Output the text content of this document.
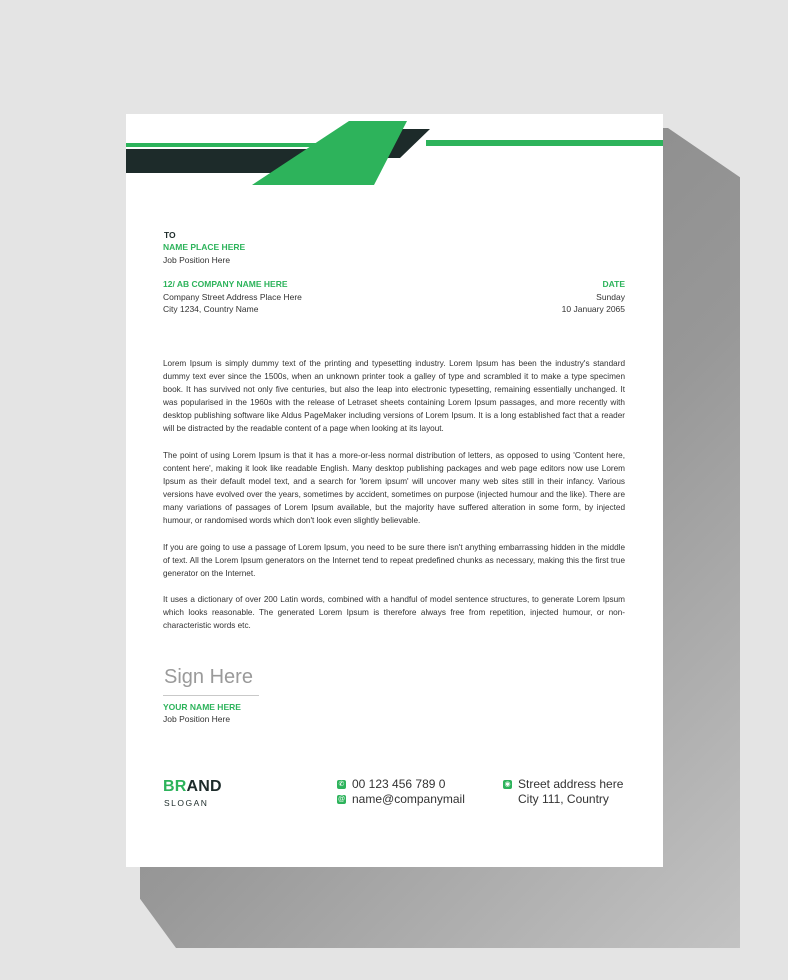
TO
NAME PLACE HERE
Job Position Here
12/ AB COMPANY NAME HERE
Company Street Address Place Here
City 1234, Country Name
DATE
Sunday
10 January 2065

Lorem Ipsum is simply dummy text of the printing and typesetting industry. Lorem Ipsum has been the industry's standard dummy text ever since the 1500s, when an unknown printer took a galley of type and scrambled it to make a type specimen book. It has survived not only five centuries, but also the leap into electronic typesetting, remaining essentially unchanged. It was popularised in the 1960s with the release of Letraset sheets containing Lorem Ipsum passages, and more recently with desktop publishing software like Aldus PageMaker including versions of Lorem Ipsum. It is a long established fact that a reader will be distracted by the readable content of a page when looking at its layout.

The point of using Lorem Ipsum is that it has a more-or-less normal distribution of letters, as opposed to using 'Content here, content here', making it look like readable English. Many desktop publishing packages and web page editors now use Lorem Ipsum as their default model text, and a search for 'lorem ipsum' will uncover many web sites still in their infancy. Various versions have evolved over the years, sometimes by accident, sometimes on purpose (injected humour and the like). There are many variations of passages of Lorem Ipsum available, but the majority have suffered alteration in some form, by injected humour, or randomised words which don't look even slightly believable.

If you are going to use a passage of Lorem Ipsum, you need to be sure there isn't anything embarrassing hidden in the middle of text. All the Lorem Ipsum generators on the Internet tend to repeat predefined chunks as necessary, making this the first true generator on the Internet.

It uses a dictionary of over 200 Latin words, combined with a handful of model sentence structures, to generate Lorem Ipsum which looks reasonable. The generated Lorem Ipsum is therefore always free from repetition, injected humour, or non-characteristic words etc.

Sign Here
YOUR NAME HERE
Job Position Here
BRAND
SLOGAN
✆ 00 123 456 789 0
@ name@companymail
◉ Street address here
City 111, Country
